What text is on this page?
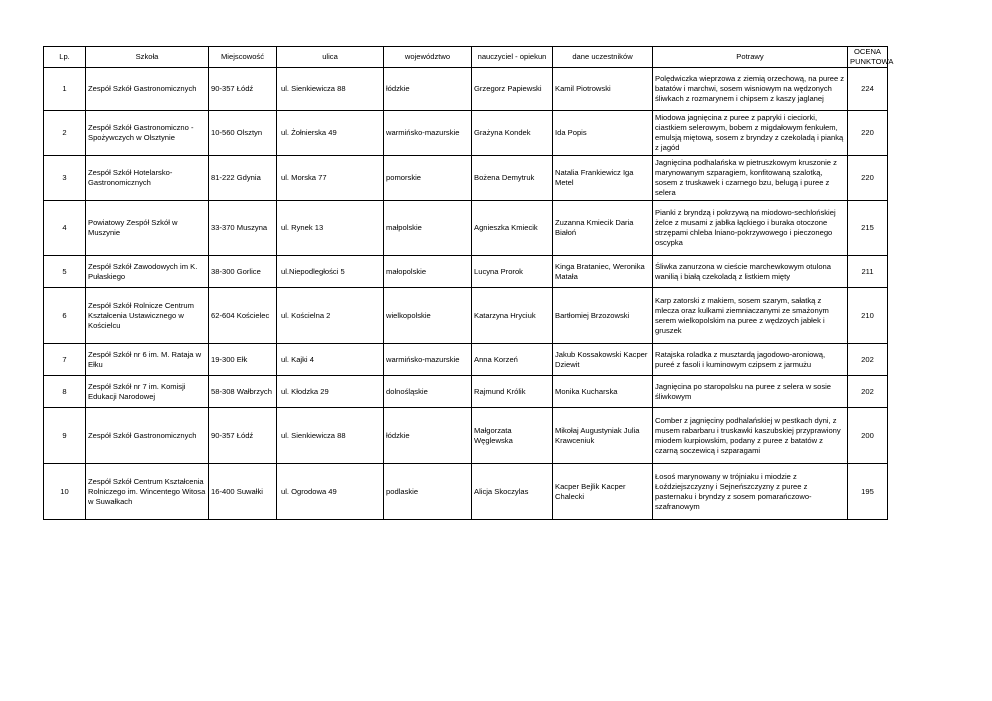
Lp.	Szkoła	Miejscowość	ulica	województwo	nauczyciel - opiekun	dane uczestników	Potrawy	OCENA PUNKTOWA
1	Zespół Szkół Gastronomicznych	90-357 Łódź	ul. Sienkiewicza 88	łódzkie	Grzegorz Papiewski	Kamil Piotrowski	Polędwiczka wieprzowa z ziemią orzechową, na puree z batatów i marchwi, sosem wisniowym na wędzonych śliwkach z rozmarynem i chipsem z kaszy jaglanej	224
2	Zespół Szkół Gastronomiczno - Spożywczych w Olsztynie	10-560 Olsztyn	ul. Żołnierska 49	warmińsko-mazurskie	Grażyna Kondek	Ida Popis	Miodowa jagnięcina z puree z papryki i cieciorki, ciastkiem selerowym, bobem z migdałowym fenkułem, emulsją miętową, sosem z bryndzy z czekoladą i pianką z jagód	220
3	Zespół Szkół Hotelarsko-Gastronomicznych	81-222 Gdynia	ul. Morska 77	pomorskie	Bożena Demytruk	Natalia Frankiewicz Iga Metel	Jagnięcina podhalańska w pietruszkowym kruszonie z marynowanym szparagiem, konfitowaną szalotką, sosem z truskawek i czarnego bzu, belugą i puree z selera	220
4	Powiatowy Zespół Szkół w Muszynie	33-370 Muszyna	ul. Rynek 13	małpolskie	Agnieszka Kmiecik	Zuzanna Kmiecik Daria Białoń	Pianki z bryndzą i pokrzywą na miodowo-sechlońskiej żelce z musami z jabłka łąckiego i buraka otoczone strzępami chleba lniano-pokrzywowego i pieczonego oscypka	215
5	Zespół Szkół Zawodowych im K. Pułaskiego	38-300 Gorlice	ul.Niepodległości 5	małopolskie	Lucyna Prorok	Kinga Brataniec, Weronika Matała	Śliwka zanurzona w cieście marchewkowym otulona wanilią i białą czekoladą z listkiem mięty	211
6	Zespół Szkół Rolnicze Centrum Kształcenia Ustawicznego w Kościelcu	62-604 Kościelec	ul. Kościelna 2	wielkopolskie	Katarzyna Hryciuk	Bartłomiej Brzozowski	Karp zatorski z makiem, sosem szarym, sałatką z mlecza oraz kulkami ziemniaczanymi ze smażonym serem wielkopolskim na puree z wędzoych jabłek i gruszek	210
7	Zespół Szkół nr 6 im. M. Rataja w Ełku	19-300 Ełk	ul. Kajki 4	warmińsko-mazurskie	Anna Korzeń	Jakub Kossakowski Kacper Dziewit	Ratajska roladka z musztardą jagodowo-aroniową, pureé z fasoli i kuminowym czipsem z jarmużu	202
8	Zespół Szkół nr 7 im. Komisji Edukacji Narodowej	58-308 Wałbrzych	ul. Kłodzka 29	dolnośląskie	Rajmund Królik	Monika Kucharska	Jagnięcina po staropolsku na puree z selera w sosie śliwkowym	202
9	Zespół Szkół Gastronomicznych	90-357 Łódź	ul. Sienkiewicza 88	łódzkie	Małgorzata Węglewska	Mikołaj Augustyniak Julia Krawceniuk	Comber z jagnięciny podhalańskiej w pestkach dyni, z musem rabarbaru i truskawki kaszubskiej przyprawiony miodem kurpiowskim, podany z puree z batatów z czarną soczewicą i szparagami	200
10	Zespół Szkół Centrum Kształcenia Rolniczego im. Wincentego Witosa w Suwałkach	16-400 Suwałki	ul. Ogrodowa 49	podlaskie	Alicja Skoczylas	Kacper Bejlik Kacper Chalecki	Łosoś marynowany w trójniaku i miodzie z Łoździejszczyzny i Sejneńszczyzny z puree z pasternaku i bryndzy z sosem pomarańczowo-szafranowym	195
